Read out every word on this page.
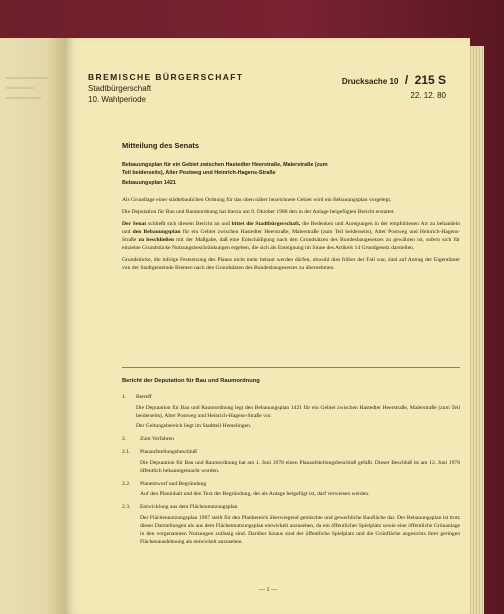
▬▬▬▬▬▬
▬▬▬▬
▬▬▬▬▬
BREMISCHE BÜRGERSCHAFT
Stadtbürgerschaft
10. Wahlperiode
Drucksache 10 / 215 S
22. 12. 80
Mitteilung des Senats
Bebauungsplan für ein Gebiet zwischen Hastedter Heerstraße, Malerstraße (zum
Teil beiderseits), Alter Postweg und Heinrich-Hagens-Straße
Bebauungsplan 1421

Als Grundlage einer städtebaulichen Ordnung für das oben näher bezeichnete Gebiet wird ein Bebauungsplan vorgelegt.

Die Deputation für Bau und Raumordnung hat hierzu am 9. Oktober 1980 den in der Anlage beigefügten Bericht erstattet.

Der Senat schließt sich diesem Bericht an und bittet die Stadtbürgerschaft, die Bedenken und Anregungen in der empfohlenen Art zu behandeln und den Bebauungsplan für ein Gebiet zwischen Hastedter Heerstraße, Malerstraße (zum Teil beiderseits), Alter Postweg und Heinrich-Hagens-Straße zu beschließen mit der Maßgabe, daß eine Entschädigung nach den Grundsätzen des Bundesbaugesetzes zu gewähren ist, sofern sich für einzelne Grundstücke Nutzungsbeschränkungen ergeben, die sich als Enteignung im Sinne des Artikels 14 Grundgesetz darstellen.

Grundstücke, die infolge Festsetzung des Planes nicht mehr bebaut werden dürfen, obwohl dies früher der Fall war, sind auf Antrag der Eigentümer von der Stadtgemeinde Bremen nach den Grundsätzen des Bundesbaugesetzes zu übernehmen.

Bericht der Deputation für Bau und Raumordnung
1. Betreff

Die Deputation für Bau und Raumordnung legt den Bebauungsplan 1421 für ein Gebiet zwischen Hastedter Heerstraße, Malerstraße (zum Teil beiderseits), Alter Postweg und Heinrich-Hagens-Straße vor.

Der Geltungsbereich liegt im Stadtteil Hemelingen.

2. Zum Verfahren
2.1. Planaufstellungsbeschluß

Die Deputation für Bau und Raumordnung hat am 1. Juni 1978 einen Planaufstellungsbeschluß gefaßt. Dieser Beschluß ist am 12. Juni 1978 öffentlich bekanntgemacht worden.

2.2. Planentwurf und Begründung

Auf den Planinhalt und den Text der Begründung, der als Anlage beigefügt ist, darf verwiesen werden.

2.3. Entwicklung aus dem Flächennutzungsplan

Der Flächennutzungsplan 1967 stellt für den Planbereich überwiegend gemischte und gewerbliche Baufläche dar. Der Bebauungsplan ist trotz dieser Darstellungen als aus dem Flächennutzungsplan entwickelt anzusehen, da ein öffentlicher Spielplatz sowie eine öffentliche Grünanlage in den vorgenannten Nutzungen zulässig sind. Darüber hinaus sind der öffentliche Spielplatz und die Grünfläche angesichts ihrer geringen Flächenausdehnung als entwickelt anzusehen.

— 1 —
